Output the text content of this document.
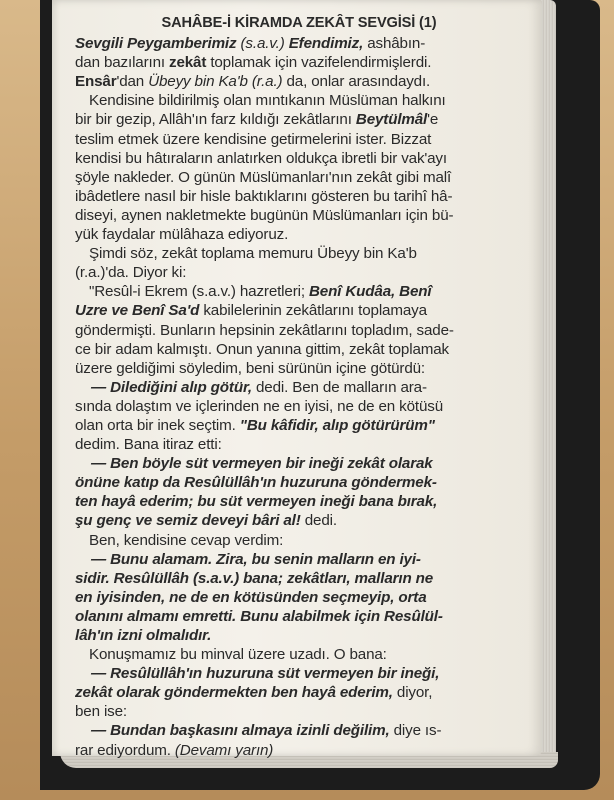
SAHÂBE-İ KİRAMDA ZEKÂT SEVGİSİ (1)
Sevgili Peygamberimiz (s.a.v.) Efendimiz, ashâbın-
dan bazılarını zekât toplamak için vazifelendirmişlerdi.
Ensâr'dan Übeyy bin Ka'b (r.a.) da, onlar arasındaydı.
Kendisine bildirilmiş olan mıntıkanın Müslüman halkını
bir bir gezip, Allâh'ın farz kıldığı zekâtlarını Beytülmâl'e
teslim etmek üzere kendisine getirmelerini ister. Bizzat
kendisi bu hâtıraların anlatırken oldukça ibretli bir vak'ayı
şöyle nakleder. O günün Müslümanları'nın zekât gibi malî
ibâdetlere nasıl bir hisle baktıklarını gösteren bu tarihî hâ-
diseyi, aynen nakletmekte bugünün Müslümanları için bü-
yük faydalar mülâhaza ediyoruz.
Şimdi söz, zekât toplama memuru Übeyy bin Ka'b
(r.a.)'da. Diyor ki:
"Resûl-i Ekrem (s.a.v.) hazretleri; Benî Kudâa, Benî
Uzre ve Benî Sa'd kabilelerinin zekâtlarını toplamaya
göndermişti. Bunların hepsinin zekâtlarını topladım, sade-
ce bir adam kalmıştı. Onun yanına gittim, zekât toplamak
üzere geldiğimi söyledim, beni sürünün içine götürdü:
— Dilediğini alıp götür, dedi. Ben de malların ara-
sında dolaştım ve içlerinden ne en iyisi, ne de en kötüsü
olan orta bir inek seçtim. "Bu kâfidir, alıp götürürüm"
dedim. Bana itiraz etti:
— Ben böyle süt vermeyen bir ineği zekât olarak
önüne katıp da Resûlüllâh'ın huzuruna göndermek-
ten hayâ ederim; bu süt vermeyen ineği bana bırak,
şu genç ve semiz deveyi bâri al! dedi.
Ben, kendisine cevap verdim:
— Bunu alamam. Zira, bu senin malların en iyi-
sidir. Resûlüllâh (s.a.v.) bana; zekâtları, malların ne
en iyisinden, ne de en kötüsünden seçmeyip, orta
olanını almamı emretti. Bunu alabilmek için Resûlül-
lâh'ın izni olmalıdır.
Konuşmamız bu minval üzere uzadı. O bana:
— Resûlüllâh'ın huzuruna süt vermeyen bir ineği,
zekât olarak göndermekten ben hayâ ederim, diyor,
ben ise:
— Bundan başkasını almaya izinli değilim, diye ıs-
rar ediyordum. (Devamı yarın)
